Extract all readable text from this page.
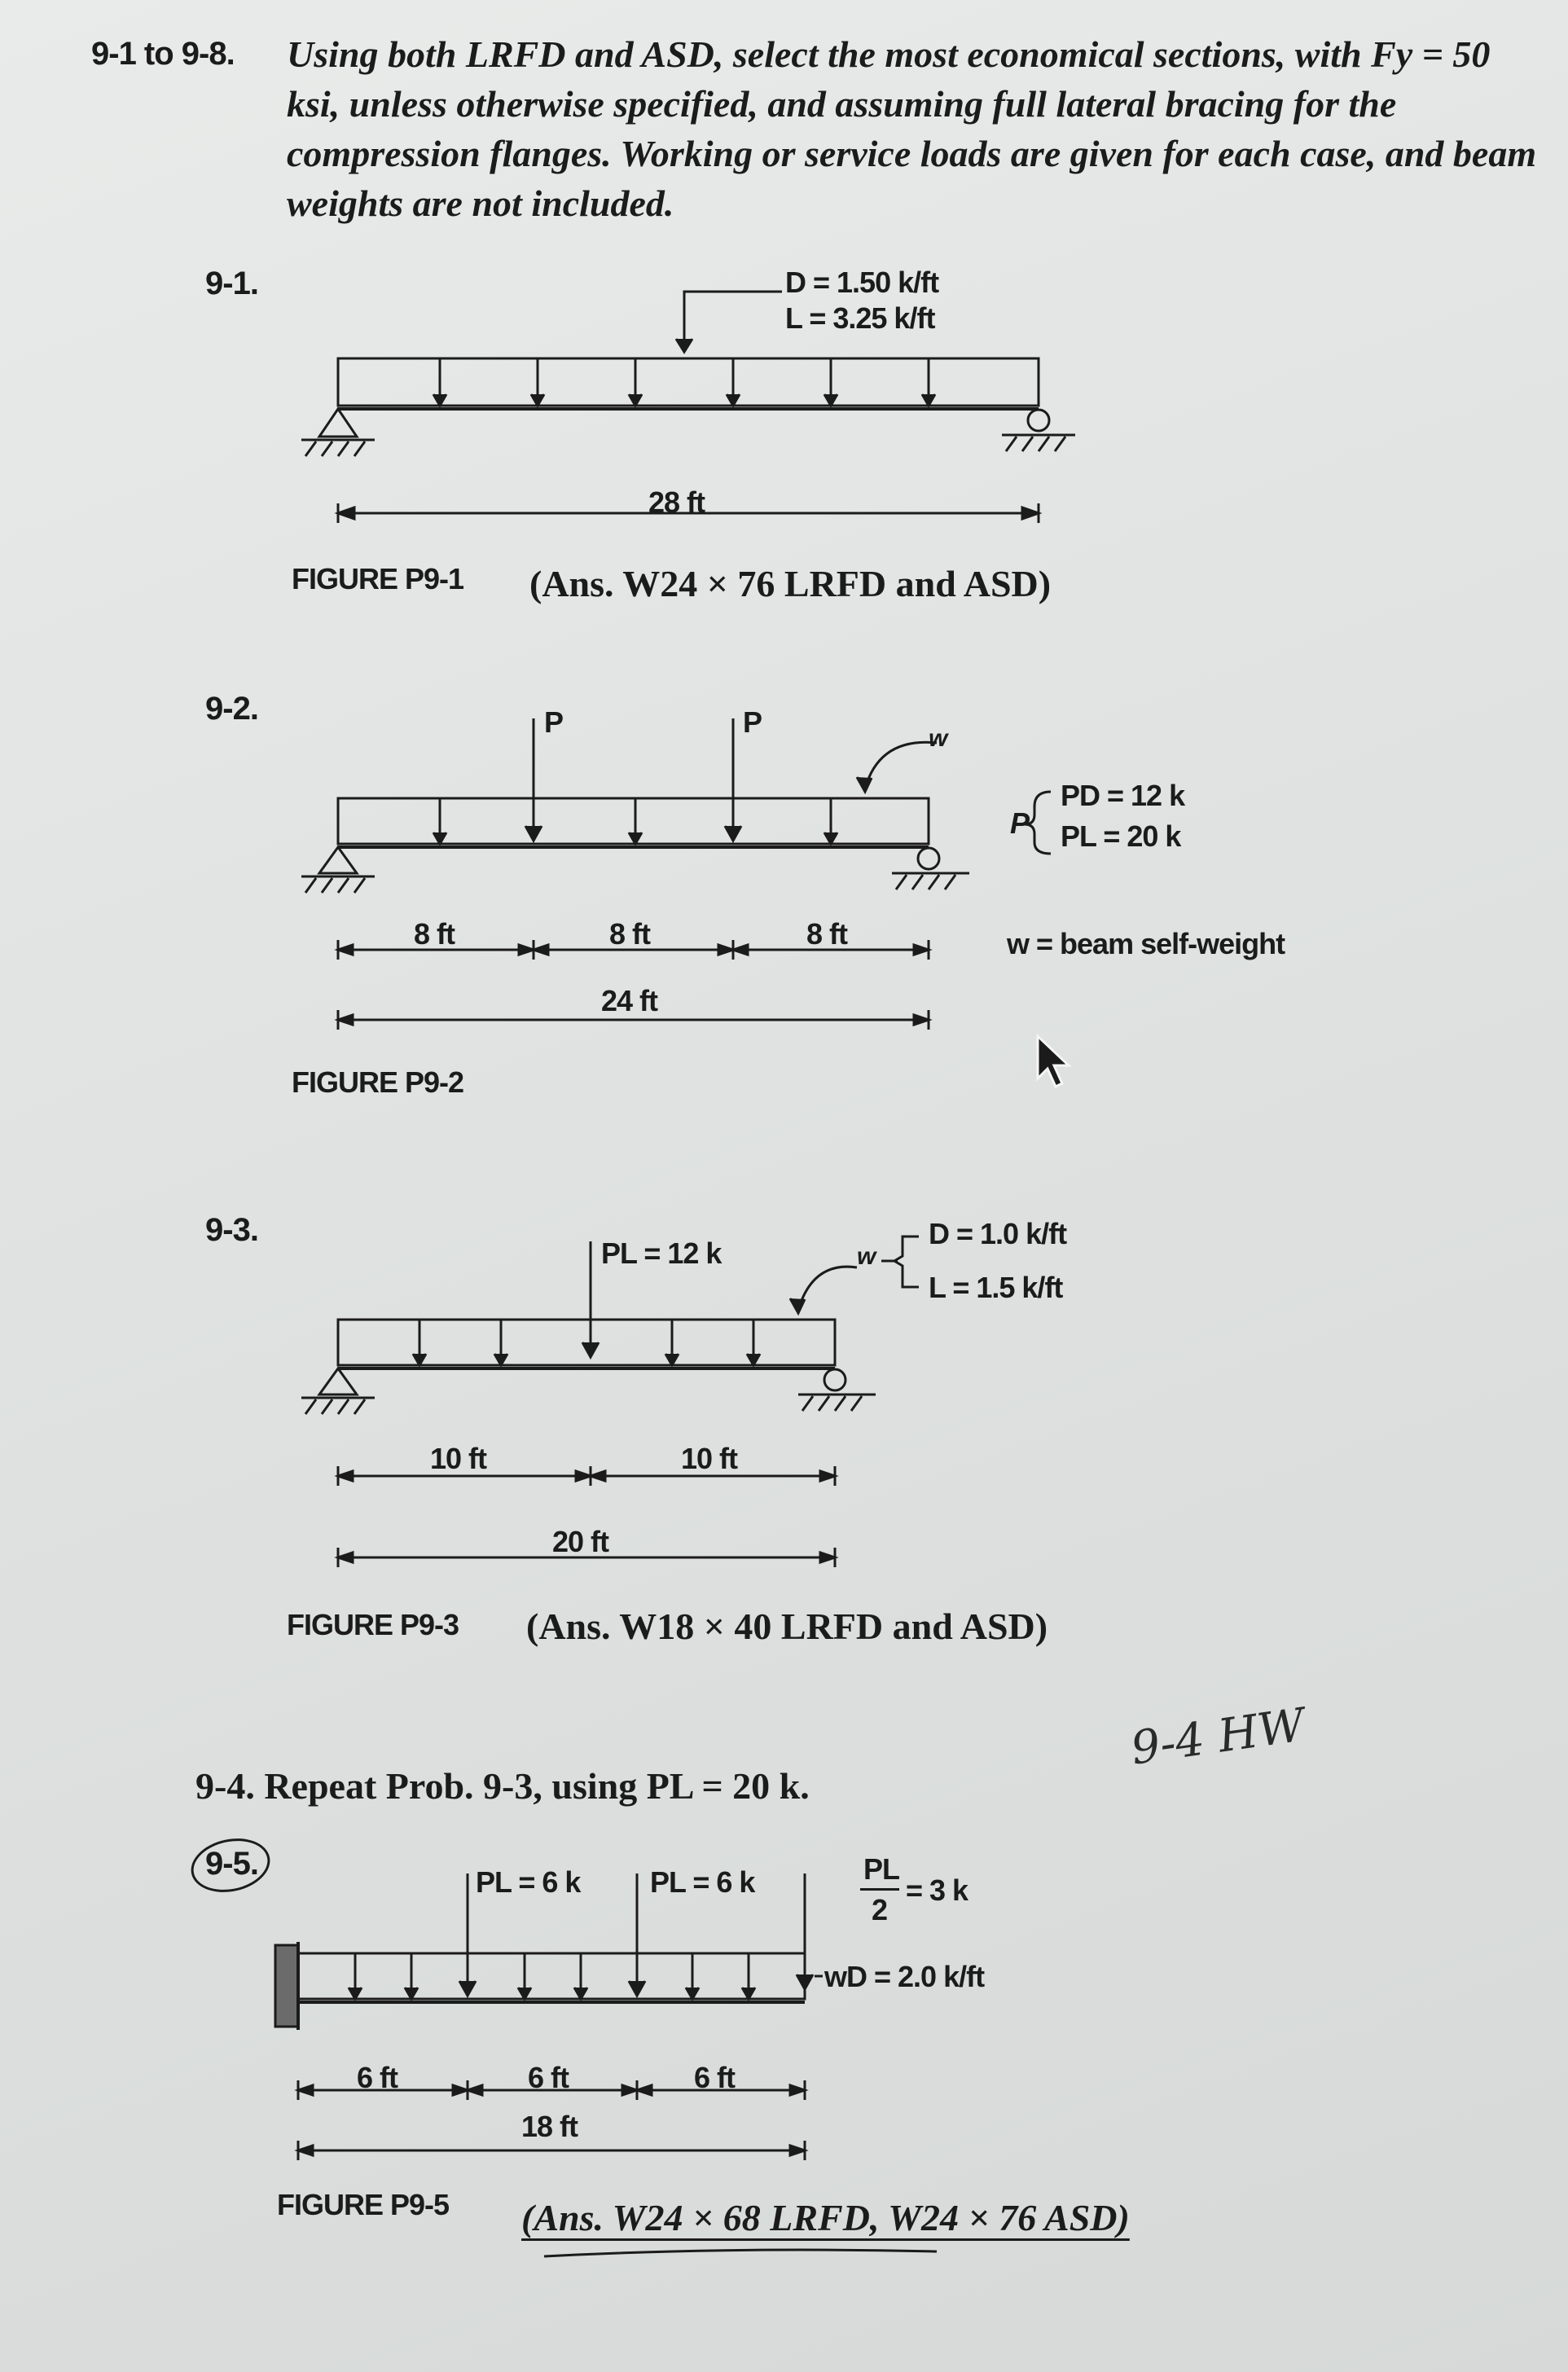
9-1 to 9-8. Using both LRFD and ASD, select the most economical sections, with Fy = 50 ksi, unless otherwise specified, and assuming full lateral bracing for the compression flanges. Working or service loads are given for each case, and beam weights are not included.
9-1.	D = 1.50 k/ft
L = 3.25 k/ft
28 ft
FIGURE P9-1 (Ans. W24 × 76 LRFD and ASD)
9-2.	P	P	w
P
PD = 12 k
PL = 20 k
8 ft	8 ft	8 ft	w = beam self-weight
24 ft
FIGURE P9-2
9-3.
PL = 12 k	w
D = 1.0 k/ft
L = 1.5 k/ft
10 ft	10 ft
20 ft
FIGURE P9-3 (Ans. W18 × 40 LRFD and ASD)
9-4. Repeat Prob. 9-3, using PL = 20 k.
9-4 HW
9-5.
PL = 6 k PL = 6 k	PL
2
= 3 k
wD = 2.0 k/ft
6 ft	6 ft	6 ft
18 ft
FIGURE P9-5 (Ans. W24 × 68 LRFD, W24 × 76 ASD)
